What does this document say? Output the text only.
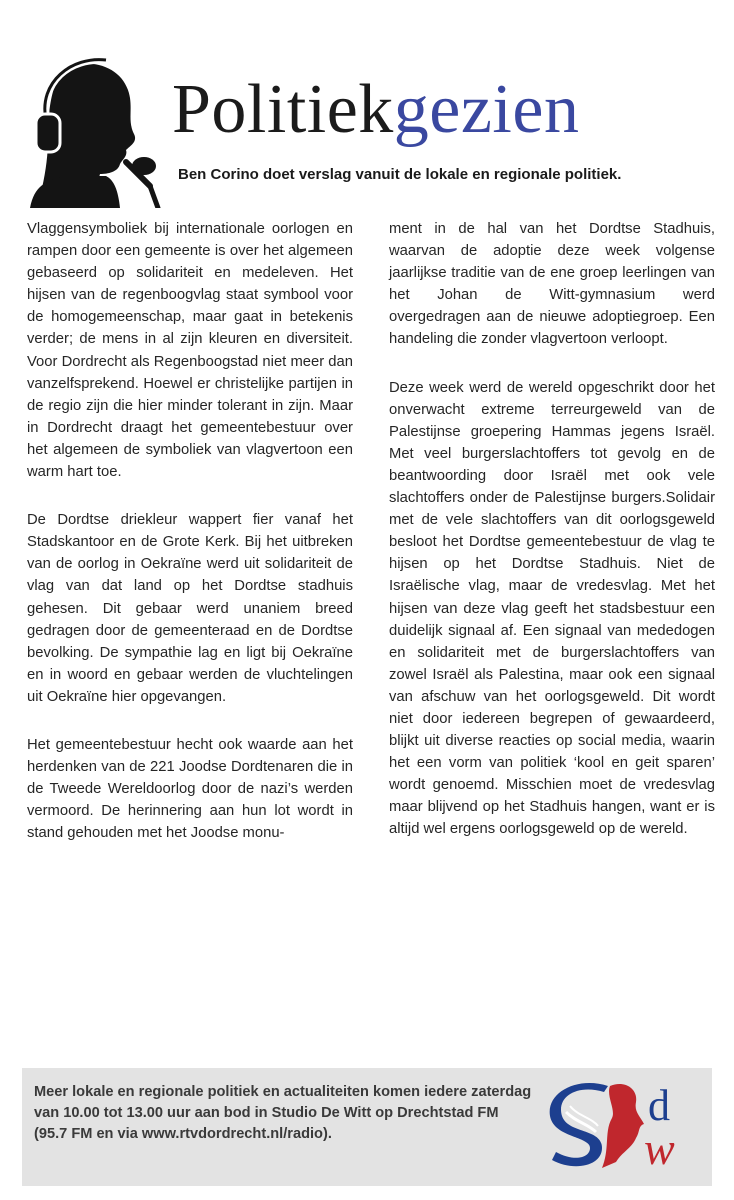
Politiekgezien
Ben Corino doet verslag vanuit de lokale en regionale politiek.

Vlaggensymboliek bij internationale oorlogen en rampen door een gemeente is over het algemeen gebaseerd op solidariteit en medeleven. Het hijsen van de regenboogvlag staat symbool voor de homogemeenschap, maar gaat in betekenis verder; de mens in al zijn kleuren en diversiteit. Voor Dordrecht als Regenboogstad niet meer dan vanzelfsprekend. Hoewel er christelijke partijen in de regio zijn die hier minder tolerant in zijn. Maar in Dordrecht draagt het gemeentebestuur over het algemeen de symboliek van vlagvertoon een warm hart toe.

De Dordtse driekleur wappert fier vanaf het Stadskantoor en de Grote Kerk. Bij het uitbreken van de oorlog in Oekraïne werd uit solidariteit de vlag van dat land op het Dordtse stadhuis gehesen. Dit gebaar werd unaniem breed gedragen door de gemeenteraad en de Dordtse bevolking. De sympathie lag en ligt bij Oekraïne en in woord en gebaar werden de vluchtelingen uit Oekraïne hier opgevangen.

Het gemeentebestuur hecht ook waarde aan het herdenken van de 221 Joodse Dordtenaren die in de Tweede Wereldoorlog door de nazi’s werden vermoord. De herinnering aan hun lot wordt in stand gehouden met het Joodse monu-

ment in de hal van het Dordtse Stadhuis, waarvan de adoptie deze week volgense jaarlijkse traditie van de ene groep leerlingen van het Johan de Witt-gymnasium werd overgedragen aan de nieuwe adoptiegroep. Een handeling die zonder vlagvertoon verloopt.

Deze week werd de wereld opgeschrikt door het onverwacht extreme terreurgeweld van de Palestijnse groepering Hammas jegens Israël. Met veel burgerslachtoffers tot gevolg en de beantwoording door Israël met ook vele slachtoffers onder de Palestijnse burgers.Solidair met de vele slachtoffers van dit oorlogsgeweld besloot het Dordtse gemeentebestuur de vlag te hijsen op het Dordtse Stadhuis. Niet de Israëlische vlag, maar de vredesvlag. Met het hijsen van deze vlag geeft het stadsbestuur een duidelijk signaal af. Een signaal van mededogen en solidariteit met de burgerslachtoffers van zowel Israël als Palestina, maar ook een signaal van afschuw van het oorlogsgeweld. Dit wordt niet door iedereen begrepen of gewaardeerd, blijkt uit diverse reacties op social media, waarin het een vorm van politiek ‘kool en geit sparen’ wordt genoemd. Misschien moet de vredesvlag maar blijvend op het Stadhuis hangen, want er is altijd wel ergens oorlogsgeweld op de wereld.

Meer lokale en regionale politiek en actualiteiten komen iedere zaterdag van 10.00 tot 13.00 uur aan bod in Studio De Witt op Drechtstad FM (95.7 FM en via www.rtvdordrecht.nl/radio).
d
w
